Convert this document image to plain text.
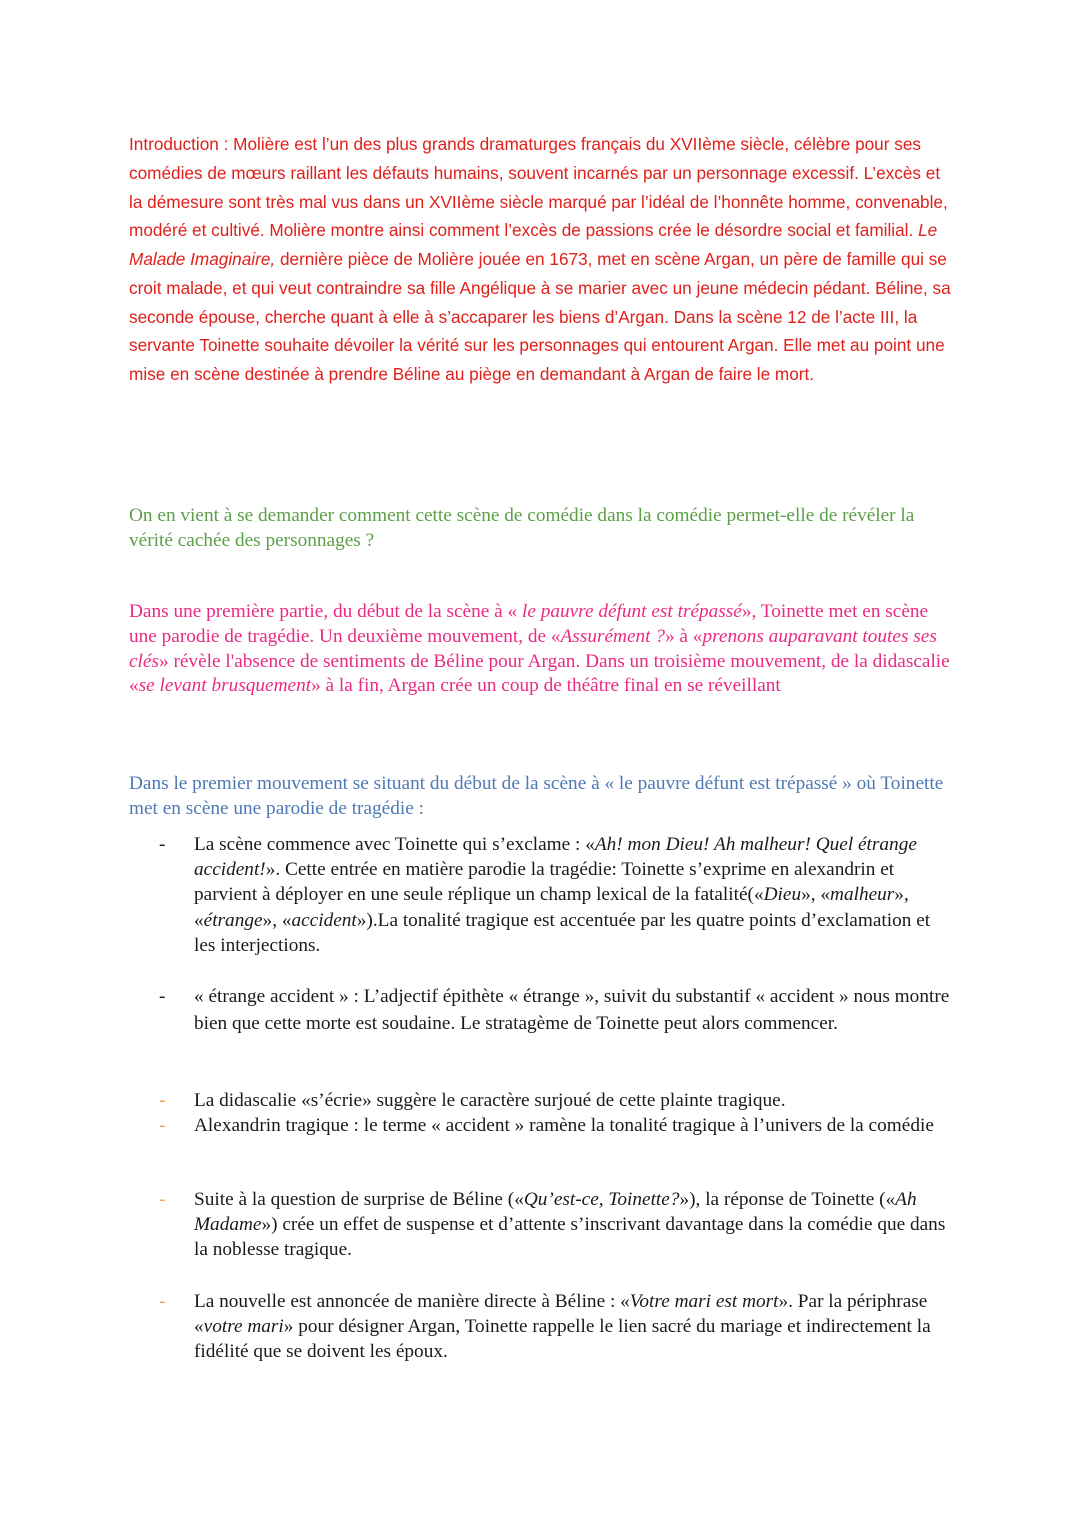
Introduction : Molière est l’un des plus grands dramaturges français du XVIIème siècle, célèbre pour ses comédies de mœurs raillant les défauts humains, souvent incarnés par un personnage excessif. L’excès et la démesure sont très mal vus dans un XVIIème siècle marqué par l’idéal de l’honnête homme, convenable, modéré et cultivé. Molière montre ainsi comment l’excès de passions crée le désordre social et familial. Le Malade Imaginaire, dernière pièce de Molière jouée en 1673, met en scène Argan, un père de famille qui se croit malade, et qui veut contraindre sa fille Angélique à se marier avec un jeune médecin pédant. Béline, sa seconde épouse, cherche quant à elle à s’accaparer les biens d’Argan. Dans la scène 12 de l’acte III, la servante Toinette souhaite dévoiler la vérité sur les personnages qui entourent Argan. Elle met au point une mise en scène destinée à prendre Béline au piège en demandant à Argan de faire le mort.
On en vient à se demander comment cette scène de comédie dans la comédie permet-elle de révéler la vérité cachée des personnages ?
Dans une première partie, du début de la scène à « le pauvre défunt est trépassé», Toinette met en scène une parodie de tragédie. Un deuxième mouvement, de «Assurément ?» à «prenons auparavant toutes ses clés» révèle l'absence de sentiments de Béline pour Argan. Dans un troisième mouvement, de la didascalie «se levant brusquement» à la fin, Argan crée un coup de théâtre final en se réveillant
Dans le premier mouvement se situant du début de la scène à « le pauvre défunt est trépassé » où Toinette met en scène une parodie de tragédie :
- La scène commence avec Toinette qui s’exclame : «Ah! mon Dieu! Ah malheur! Quel étrange accident!». Cette entrée en matière parodie la tragédie: Toinette s’exprime en alexandrin et parvient à déployer en une seule réplique un champ lexical de la fatalité(«Dieu», «malheur», «étrange», «accident»).La tonalité tragique est accentuée par les quatre points d’exclamation et les interjections.
- « étrange accident » : L’adjectif épithète « étrange », suivit du substantif « accident » nous montre bien que cette morte est soudaine. Le stratagème de Toinette peut alors commencer.
- La didascalie «s’écrie» suggère le caractère surjoué de cette plainte tragique.
- Alexandrin tragique : le terme « accident » ramène la tonalité tragique à l’univers de la comédie
- Suite à la question de surprise de Béline («Qu’est-ce, Toinette?»), la réponse de Toinette («Ah Madame») crée un effet de suspense et d’attente s’inscrivant davantage dans la comédie que dans la noblesse tragique.
- La nouvelle est annoncée de manière directe à Béline : «Votre mari est mort». Par la périphrase «votre mari» pour désigner Argan, Toinette rappelle le lien sacré du mariage et indirectement la fidélité que se doivent les époux.
